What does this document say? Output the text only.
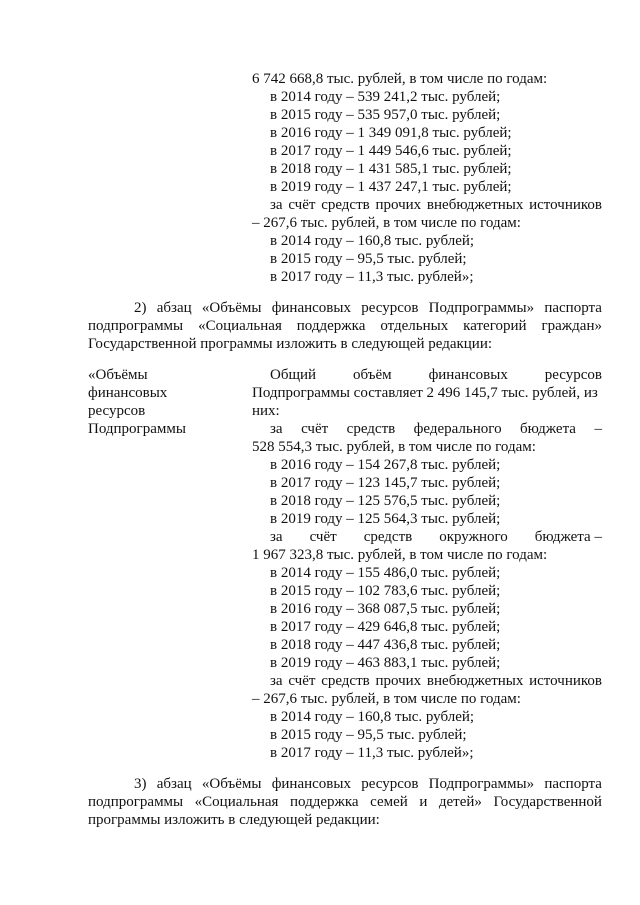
6 742 668,8 тыс. рублей, в том числе по годам:
в 2014 году – 539 241,2 тыс. рублей;
в 2015 году – 535 957,0 тыс. рублей;
в 2016 году – 1 349 091,8 тыс. рублей;
в 2017 году – 1 449 546,6 тыс. рублей;
в 2018 году – 1 431 585,1 тыс. рублей;
в 2019 году – 1 437 247,1 тыс. рублей;
за счёт средств прочих внебюджетных источников
– 267,6 тыс. рублей, в том числе по годам:
в 2014 году – 160,8 тыс. рублей;
в 2015 году – 95,5 тыс. рублей;
в 2017 году – 11,3 тыс. рублей»;
2) абзац «Объёмы финансовых ресурсов Подпрограммы» паспорта
подпрограммы «Социальная поддержка отдельных категорий граждан»
Государственной программы изложить в следующей редакции:
«Объёмы
финансовых
ресурсов
Подпрограммы
Общий объём финансовых ресурсов
Подпрограммы составляет 2 496 145,7 тыс. рублей, из
них:
за счёт средств федерального бюджета –
528 554,3 тыс. рублей, в том числе по годам:
в 2016 году – 154 267,8 тыс. рублей;
в 2017 году – 123 145,7 тыс. рублей;
в 2018 году – 125 576,5 тыс. рублей;
в 2019 году – 125 564,3 тыс. рублей;
за счёт средств окружного бюджета –
1 967 323,8 тыс. рублей, в том числе по годам:
в 2014 году – 155 486,0 тыс. рублей;
в 2015 году – 102 783,6 тыс. рублей;
в 2016 году – 368 087,5 тыс. рублей;
в 2017 году – 429 646,8 тыс. рублей;
в 2018 году – 447 436,8 тыс. рублей;
в 2019 году – 463 883,1 тыс. рублей;
за счёт средств прочих внебюджетных источников
– 267,6 тыс. рублей, в том числе по годам:
в 2014 году – 160,8 тыс. рублей;
в 2015 году – 95,5 тыс. рублей;
в 2017 году – 11,3 тыс. рублей»;
3) абзац «Объёмы финансовых ресурсов Подпрограммы» паспорта
подпрограммы «Социальная поддержка семей и детей» Государственной
программы изложить в следующей редакции:
